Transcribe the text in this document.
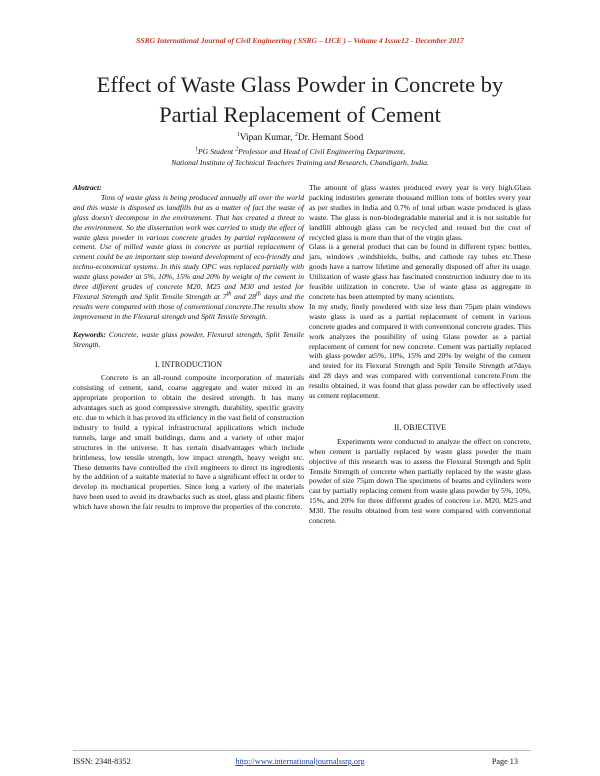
SSRG International Journal of Civil Engineering ( SSRG – IJCE ) – Volume 4 Issue12 - December 2017
Effect of Waste Glass Powder in Concrete by
Partial Replacement of Cement
$^1$Vipan Kumar, $^2$Dr. Hemant Sood
$^1$PG Student $^2$Professor and Head of Civil Engineering Department,
National Institute of Technical Teachers Training and Research, Chandigarh, India.

Abstract:
Tons of waste glass is being produced annually all over the world and this waste is disposed as landfills but as a matter of fact the waste of glass doesn't decompose in the environment. That has created a threat to the environment. So the dissertation work was carried to study the effect of waste glass powder in various concrete grades by partial replacement of cement. Use of milled waste glass in concrete as partial replacement of cement could be an important step toward development of eco-friendly and techno-economical systems. In this study OPC was replaced partially with waste glass powder at 5%, 10%, 15% and 20% by weight of the cement in three different grades of concrete M20, M25 and M30 and tested for Flexural Strength and Split Tensile Strength at 7th and 28th days and the results were compared with those of conventional concrete.The results show improvement in the Flexural strength and Split Tensile Strength.

Keywords: Concrete, waste glass powder, Flexural strength, Split Tensile Strength.

I. INTRODUCTION

Concrete is an all-round composite incorporation of materials consisting of cement, sand, coarse aggregate and water mixed in an appropriate proportion to obtain the desired strength. It has many advantages such as good compressive strength, durability, specific gravity etc. due to which it has proved its efficiency in the vast field of construction industry to build a typical infrastructural applications which include tunnels, large and small buildings, dams and a variety of other major structures in the universe. It has certain disadvantages which include brittleness, low tensile strength, low impact strength, heavy weight etc. These demerits have controlled the civil engineers to direct its ingredients by the addition of a suitable material to have a significant effect in order to develop its mechanical properties. Since long a variety of the materials have been used to avoid its drawbacks such as steel, glass and plastic fibers which have shown the fair results to improve the properties of the concrete.

The amount of glass wastes produced every year is very high.Glass packing industries generate thousand million tons of bottles every year as per studies in India and 0.7% of total urban waste produced is glass waste. The glass is non-biodegradable material and it is not suitable for landfill although glass can be recycled and reused but the cost of recycled glass is more than that of the virgin glass.

Glass is a general product that can be found in different types: bottles, jars, windows ,windshields, bulbs, and cathode ray tubes etc.These goods have a narrow lifetime and generally disposed off after its usage. Utilization of waste glass has fascinated construction industry due to its feasible utilization in concrete. Use of waste glass as aggregate in concrete has been attempted by many scientists.

In my study, finely powdered with size less than 75µm plain windows waste glass is used as a partial replacement of cement in various concrete grades and compared it with conventional concrete grades. This work analyzes the possibility of using Glass powder as a partial replacement of cement for new concrete. Cement was partially replaced with glass powder at5%, 10%, 15% and 20% by weight of the cement and tested for its Flexural Strength and Split Tensile Strength at7days and 28 days and was compared with conventional concrete.From the results obtained, it was found that glass powder can be effectively used as cement replacement.

II. OBJECTIVE

Experiments were conducted to analyze the effect on concrete, when cement is partially replaced by waste glass powder the main objective of this research was to assess the Flexural Strength and Split Tensile Strength of concrete when partially replaced by the waste glass powder of size 75µm down The specimens of beams and cylinders were cast by partially replacing cement from waste glass powder by 5%, 10%, 15%, and 20% for three different grades of concrete i.e. M20, M25 and M30. The results obtained from test were compared with conventional concrete.

ISSN: 2348-8352	http://www.internationaljournalssrg.org	Page 13
